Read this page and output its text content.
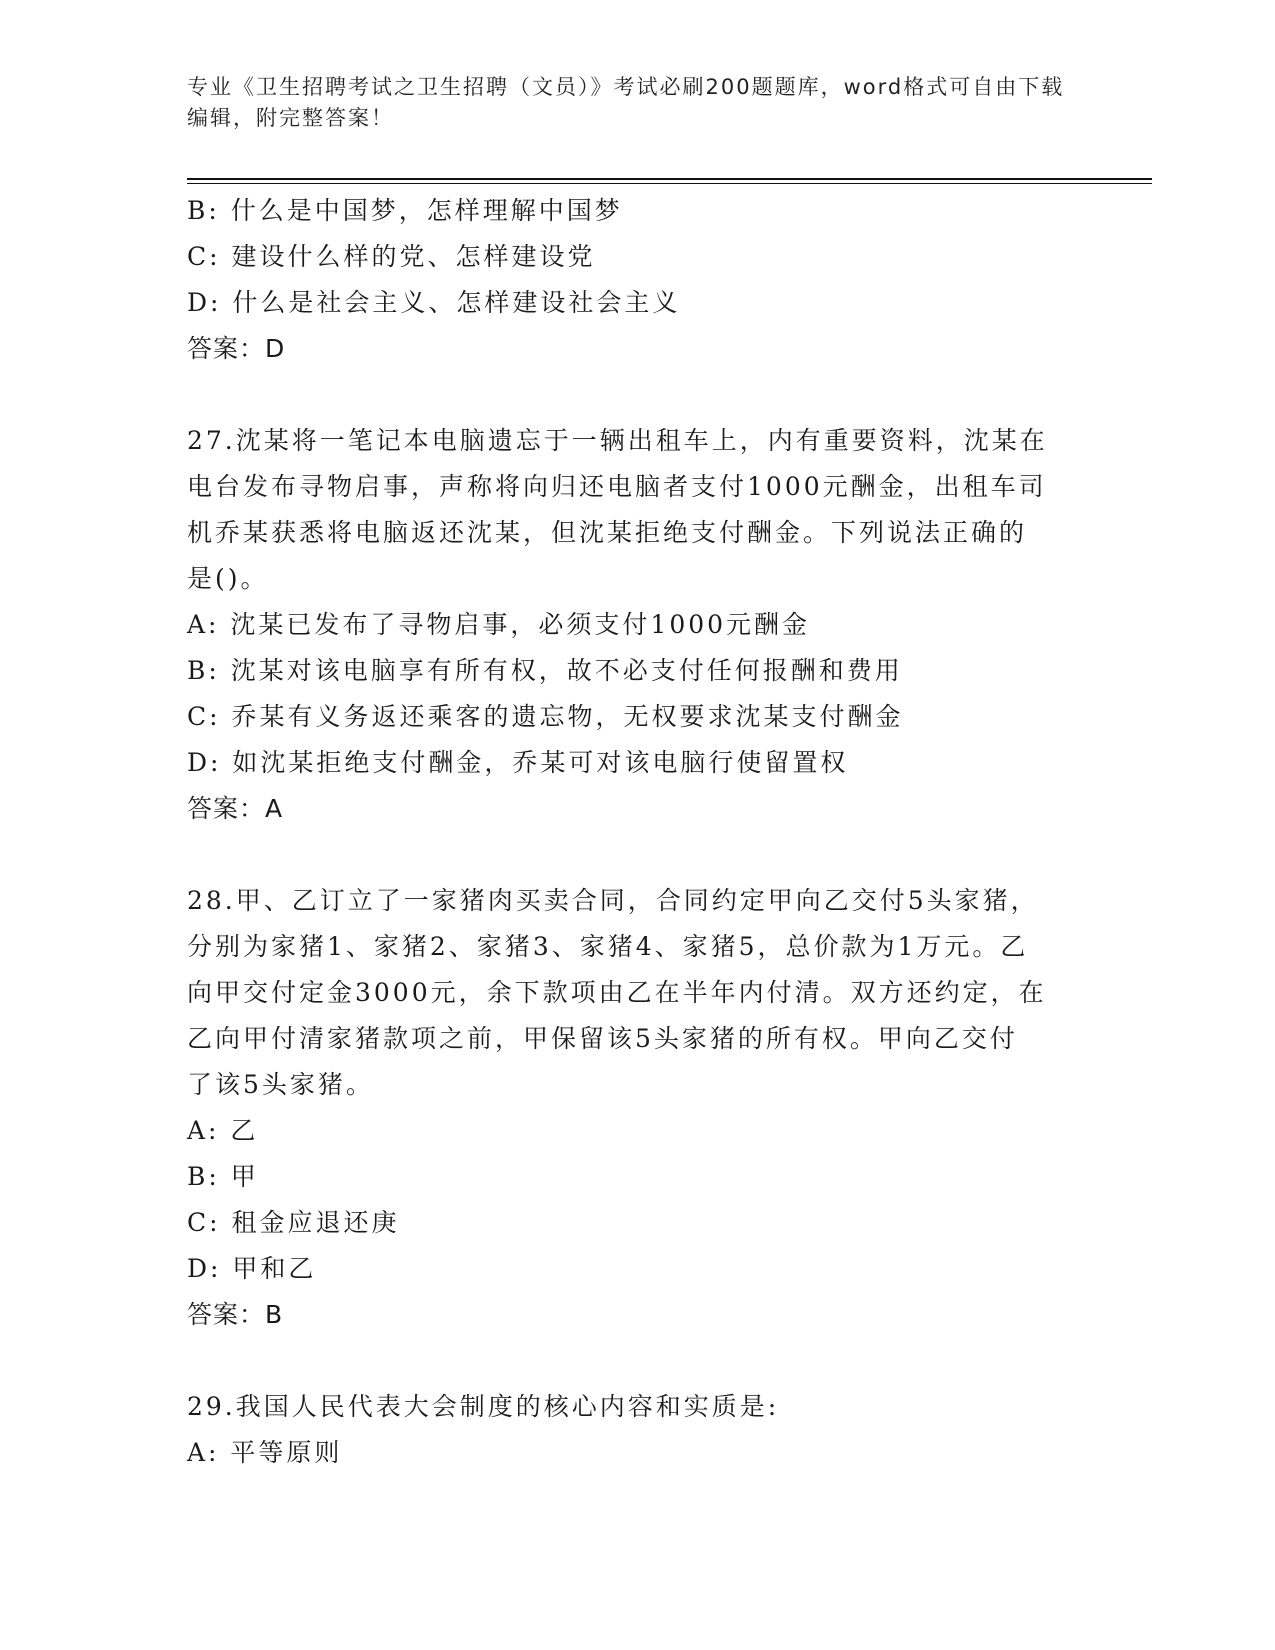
专业《卫生招聘考试之卫生招聘（文员）》考试必刷200题题库，word格式可自由下载编辑，附完整答案！

B: 什么是中国梦，怎样理解中国梦

C: 建设什么样的党、怎样建设党

D: 什么是社会主义、怎样建设社会主义

答案：D

27.沈某将一笔记本电脑遗忘于一辆出租车上，内有重要资料，沈某在

电台发布寻物启事，声称将向归还电脑者支付1000元酬金，出租车司

机乔某获悉将电脑返还沈某，但沈某拒绝支付酬金。下列说法正确的

是()。

A: 沈某已发布了寻物启事，必须支付1000元酬金

B: 沈某对该电脑享有所有权，故不必支付任何报酬和费用

C: 乔某有义务返还乘客的遗忘物，无权要求沈某支付酬金

D: 如沈某拒绝支付酬金，乔某可对该电脑行使留置权

答案：A

28.甲、乙订立了一家猪肉买卖合同，合同约定甲向乙交付5头家猪，

分别为家猪1、家猪2、家猪3、家猪4、家猪5，总价款为1万元。乙

向甲交付定金3000元，余下款项由乙在半年内付清。双方还约定，在

乙向甲付清家猪款项之前，甲保留该5头家猪的所有权。甲向乙交付

了该5头家猪。

A: 乙

B: 甲

C: 租金应退还庚

D: 甲和乙

答案：B

29.我国人民代表大会制度的核心内容和实质是:

A: 平等原则
